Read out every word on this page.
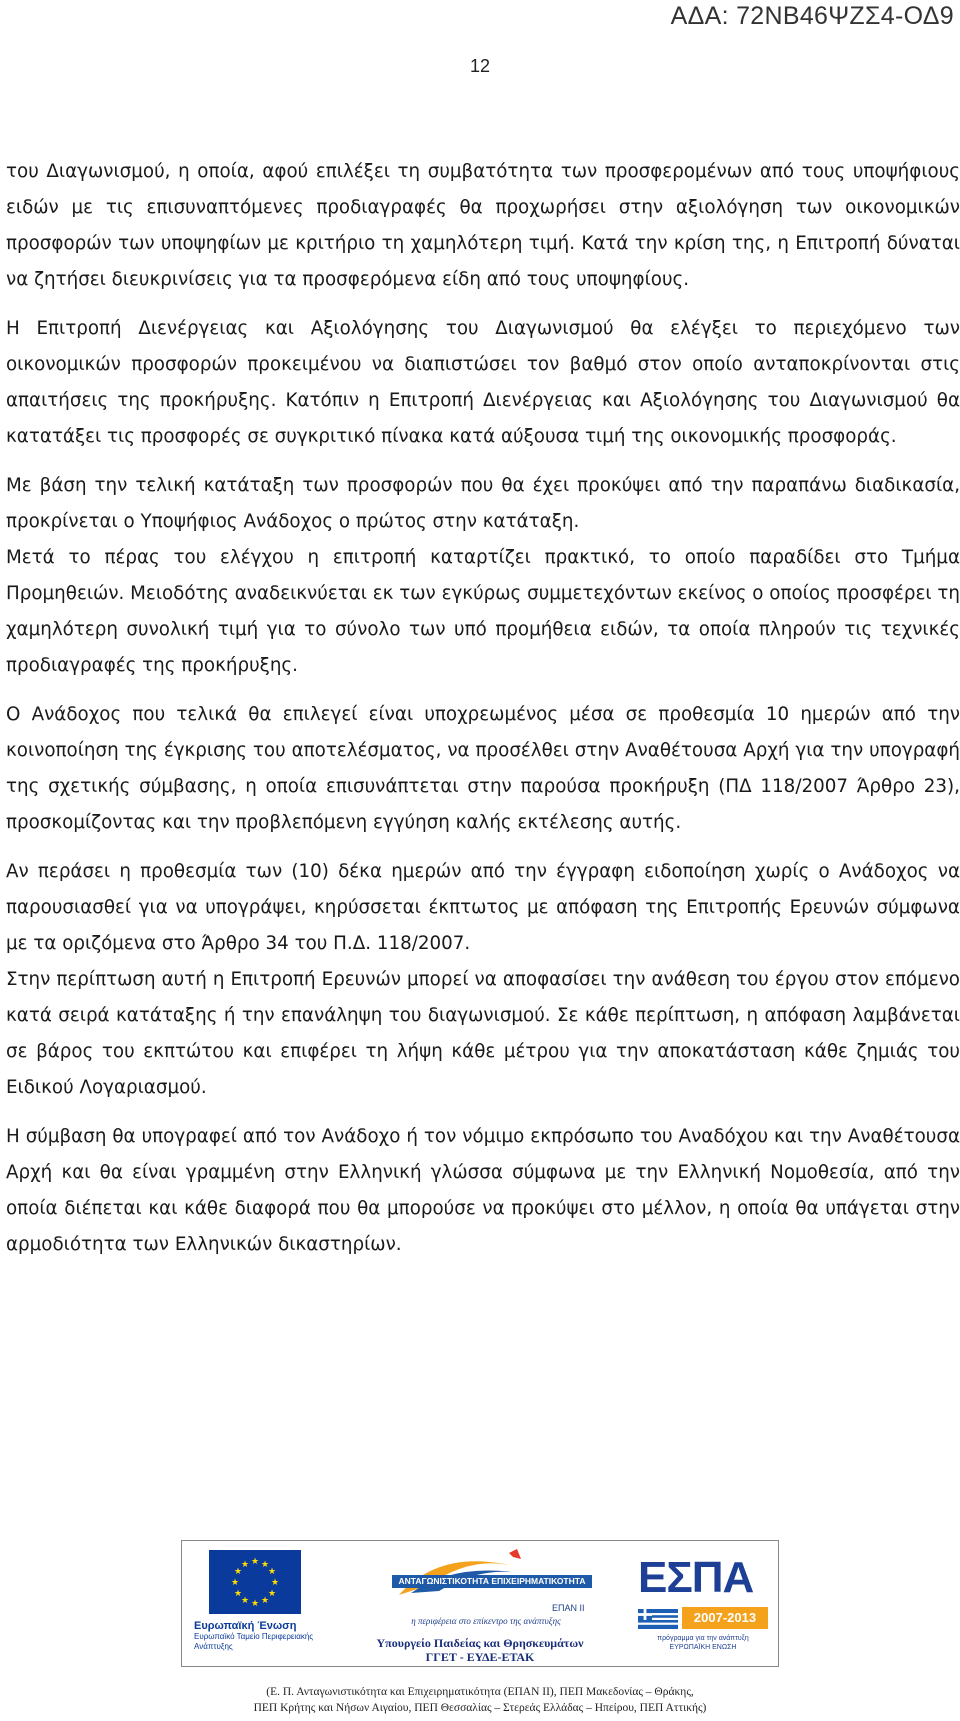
ΑΔΑ: 72ΝΒ46ΨΖΣ4-ΟΔ9
12

του Διαγωνισμού, η οποία, αφού επιλέξει τη συμβατότητα των προσφερομένων από τους υποψήφιους ειδών με τις επισυναπτόμενες προδιαγραφές θα προχωρήσει στην αξιολόγηση των οικονομικών προσφορών των υποψηφίων με κριτήριο τη χαμηλότερη τιμή. Κατά την κρίση της, η Επιτροπή δύναται να ζητήσει διευκρινίσεις για τα προσφερόμενα είδη από τους υποψηφίους.

Η Επιτροπή Διενέργειας και Αξιολόγησης του Διαγωνισμού θα ελέγξει το περιεχόμενο των οικονομικών προσφορών προκειμένου να διαπιστώσει τον βαθμό στον οποίο ανταποκρίνονται στις απαιτήσεις της προκήρυξης. Κατόπιν η Επιτροπή Διενέργειας και Αξιολόγησης του Διαγωνισμού θα κατατάξει τις προσφορές σε συγκριτικό πίνακα κατά αύξουσα τιμή της οικονομικής προσφοράς.

Με βάση την τελική κατάταξη των προσφορών που θα έχει προκύψει από την παραπάνω διαδικασία, προκρίνεται ο Υποψήφιος Ανάδοχος ο πρώτος στην κατάταξη.

Μετά το πέρας του ελέγχου η επιτροπή καταρτίζει πρακτικό, το οποίο παραδίδει στο Τμήμα Προμηθειών. Μειοδότης αναδεικνύεται εκ των εγκύρως συμμετεχόντων εκείνος ο οποίος προσφέρει τη χαμηλότερη συνολική τιμή για το σύνολο των υπό προμήθεια ειδών, τα οποία πληρούν τις τεχνικές προδιαγραφές της προκήρυξης.

Ο Ανάδοχος που τελικά θα επιλεγεί είναι υποχρεωμένος μέσα σε προθεσμία 10 ημερών από την κοινοποίηση της έγκρισης του αποτελέσματος, να προσέλθει στην Αναθέτουσα Αρχή για την υπογραφή της σχετικής σύμβασης, η οποία επισυνάπτεται στην παρούσα προκήρυξη (ΠΔ 118/2007 Άρθρο 23), προσκομίζοντας και την προβλεπόμενη εγγύηση καλής εκτέλεσης αυτής.

Αν περάσει η προθεσμία των (10) δέκα ημερών από την έγγραφη ειδοποίηση χωρίς ο Ανάδοχος να παρουσιασθεί για να υπογράψει, κηρύσσεται έκπτωτος με απόφαση της Επιτροπής Ερευνών σύμφωνα με τα οριζόμενα στο Άρθρο 34 του Π.Δ. 118/2007.

Στην περίπτωση αυτή η Επιτροπή Ερευνών μπορεί να αποφασίσει την ανάθεση του έργου στον επόμενο κατά σειρά κατάταξης ή την επανάληψη του διαγωνισμού. Σε κάθε περίπτωση, η απόφαση λαμβάνεται σε βάρος του εκπτώτου και επιφέρει τη λήψη κάθε μέτρου για την αποκατάσταση κάθε ζημιάς του Ειδικού Λογαριασμού.

Η σύμβαση θα υπογραφεί από τον Ανάδοχο ή τον νόμιμο εκπρόσωπο του Αναδόχου και την Αναθέτουσα Αρχή και θα είναι γραμμένη στην Ελληνική γλώσσα σύμφωνα με την Ελληνική Νομοθεσία, από την οποία διέπεται και κάθε διαφορά που θα μπορούσε να προκύψει στο μέλλον, η οποία θα υπάγεται στην αρμοδιότητα των Ελληνικών δικαστηρίων.

★ ★
★
★
★
★
★
★
★
★
★
★
Ευρωπαϊκή Ένωση
Ευρωπαϊκό Ταμείο Περιφερειακής Ανάπτυξης
ΑΝΤΑΓΩΝΙΣΤΙΚΟΤΗΤΑ ΕΠΙΧΕΙΡΗΜΑΤΙΚΟΤΗΤΑ
ΕΠΑΝ ΙΙ
η περιφέρεια στο επίκεντρο της ανάπτυξης
Υπουργείο Παιδείας και Θρησκευμάτων
ΓΓΕΤ - ΕΥΔΕ-ΕΤΑΚ
ΕΣΠΑ
2007-2013
πρόγραμμα για την ανάπτυξη ΕΥΡΩΠΑΪΚΗ ΕΝΩΣΗ
(Ε. Π. Ανταγωνιστικότητα και Επιχειρηματικότητα (ΕΠΑΝ ΙΙ), ΠΕΠ Μακεδονίας – Θράκης,
ΠΕΠ Κρήτης και Νήσων Αιγαίου, ΠΕΠ Θεσσαλίας – Στερεάς Ελλάδας – Ηπείρου, ΠΕΠ Αττικής)
